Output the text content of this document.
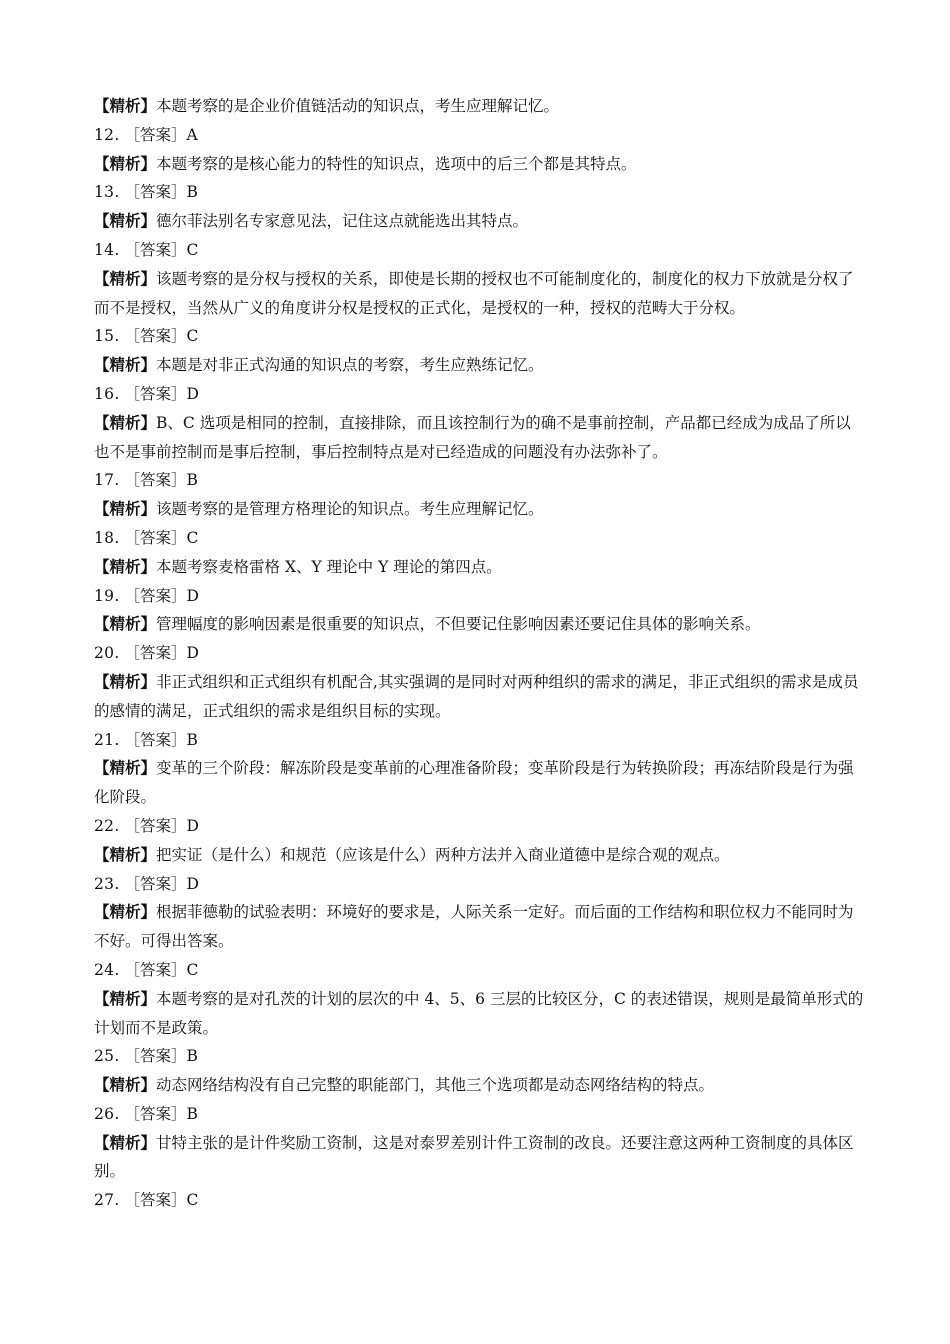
【精析】本题考察的是企业价值链活动的知识点，考生应理解记忆。

12. ［答案］A

【精析】本题考察的是核心能力的特性的知识点，选项中的后三个都是其特点。

13. ［答案］B

【精析】德尔菲法别名专家意见法，记住这点就能选出其特点。

14. ［答案］C

【精析】该题考察的是分权与授权的关系，即使是长期的授权也不可能制度化的，制度化的权力下放就是分权了而不是授权，当然从广义的角度讲分权是授权的正式化，是授权的一种，授权的范畴大于分权。

15. ［答案］C

【精析】本题是对非正式沟通的知识点的考察，考生应熟练记忆。

16. ［答案］D

【精析】B、C 选项是相同的控制，直接排除，而且该控制行为的确不是事前控制，产品都已经成为成品了所以也不是事前控制而是事后控制，事后控制特点是对已经造成的问题没有办法弥补了。

17. ［答案］B

【精析】该题考察的是管理方格理论的知识点。考生应理解记忆。

18. ［答案］C

【精析】本题考察麦格雷格 X、Y 理论中 Y 理论的第四点。

19. ［答案］D

【精析】管理幅度的影响因素是很重要的知识点，不但要记住影响因素还要记住具体的影响关系。

20. ［答案］D

【精析】非正式组织和正式组织有机配合,其实强调的是同时对两种组织的需求的满足，非正式组织的需求是成员的感情的满足，正式组织的需求是组织目标的实现。

21. ［答案］B

【精析】变革的三个阶段：解冻阶段是变革前的心理准备阶段；变革阶段是行为转换阶段；再冻结阶段是行为强化阶段。

22. ［答案］D

【精析】把实证（是什么）和规范（应该是什么）两种方法并入商业道德中是综合观的观点。

23. ［答案］D

【精析】根据菲德勒的试验表明：环境好的要求是，人际关系一定好。而后面的工作结构和职位权力不能同时为不好。可得出答案。

24. ［答案］C

【精析】本题考察的是对孔茨的计划的层次的中 4、5、6 三层的比较区分，C 的表述错误，规则是最简单形式的计划而不是政策。

25. ［答案］B

【精析】动态网络结构没有自己完整的职能部门，其他三个选项都是动态网络结构的特点。

26. ［答案］B

【精析】甘特主张的是计件奖励工资制，这是对泰罗差别计件工资制的改良。还要注意这两种工资制度的具体区别。

27. ［答案］C
